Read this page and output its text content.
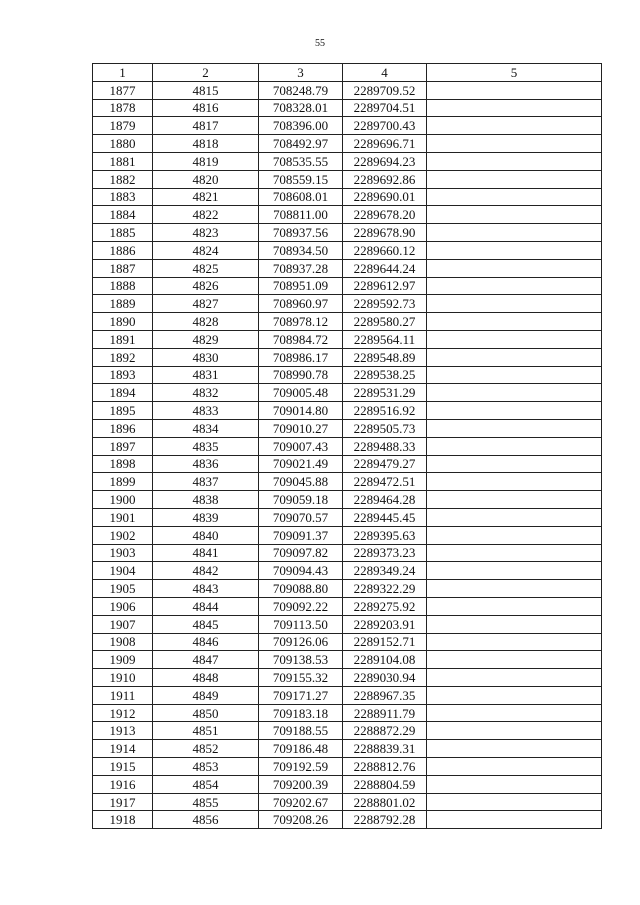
55
1	2	3	4	5
1877	4815	708248.79	2289709.52	
1878	4816	708328.01	2289704.51	
1879	4817	708396.00	2289700.43	
1880	4818	708492.97	2289696.71	
1881	4819	708535.55	2289694.23	
1882	4820	708559.15	2289692.86	
1883	4821	708608.01	2289690.01	
1884	4822	708811.00	2289678.20	
1885	4823	708937.56	2289678.90	
1886	4824	708934.50	2289660.12	
1887	4825	708937.28	2289644.24	
1888	4826	708951.09	2289612.97	
1889	4827	708960.97	2289592.73	
1890	4828	708978.12	2289580.27	
1891	4829	708984.72	2289564.11	
1892	4830	708986.17	2289548.89	
1893	4831	708990.78	2289538.25	
1894	4832	709005.48	2289531.29	
1895	4833	709014.80	2289516.92	
1896	4834	709010.27	2289505.73	
1897	4835	709007.43	2289488.33	
1898	4836	709021.49	2289479.27	
1899	4837	709045.88	2289472.51	
1900	4838	709059.18	2289464.28	
1901	4839	709070.57	2289445.45	
1902	4840	709091.37	2289395.63	
1903	4841	709097.82	2289373.23	
1904	4842	709094.43	2289349.24	
1905	4843	709088.80	2289322.29	
1906	4844	709092.22	2289275.92	
1907	4845	709113.50	2289203.91	
1908	4846	709126.06	2289152.71	
1909	4847	709138.53	2289104.08	
1910	4848	709155.32	2289030.94	
1911	4849	709171.27	2288967.35	
1912	4850	709183.18	2288911.79	
1913	4851	709188.55	2288872.29	
1914	4852	709186.48	2288839.31	
1915	4853	709192.59	2288812.76	
1916	4854	709200.39	2288804.59	
1917	4855	709202.67	2288801.02	
1918	4856	709208.26	2288792.28	
